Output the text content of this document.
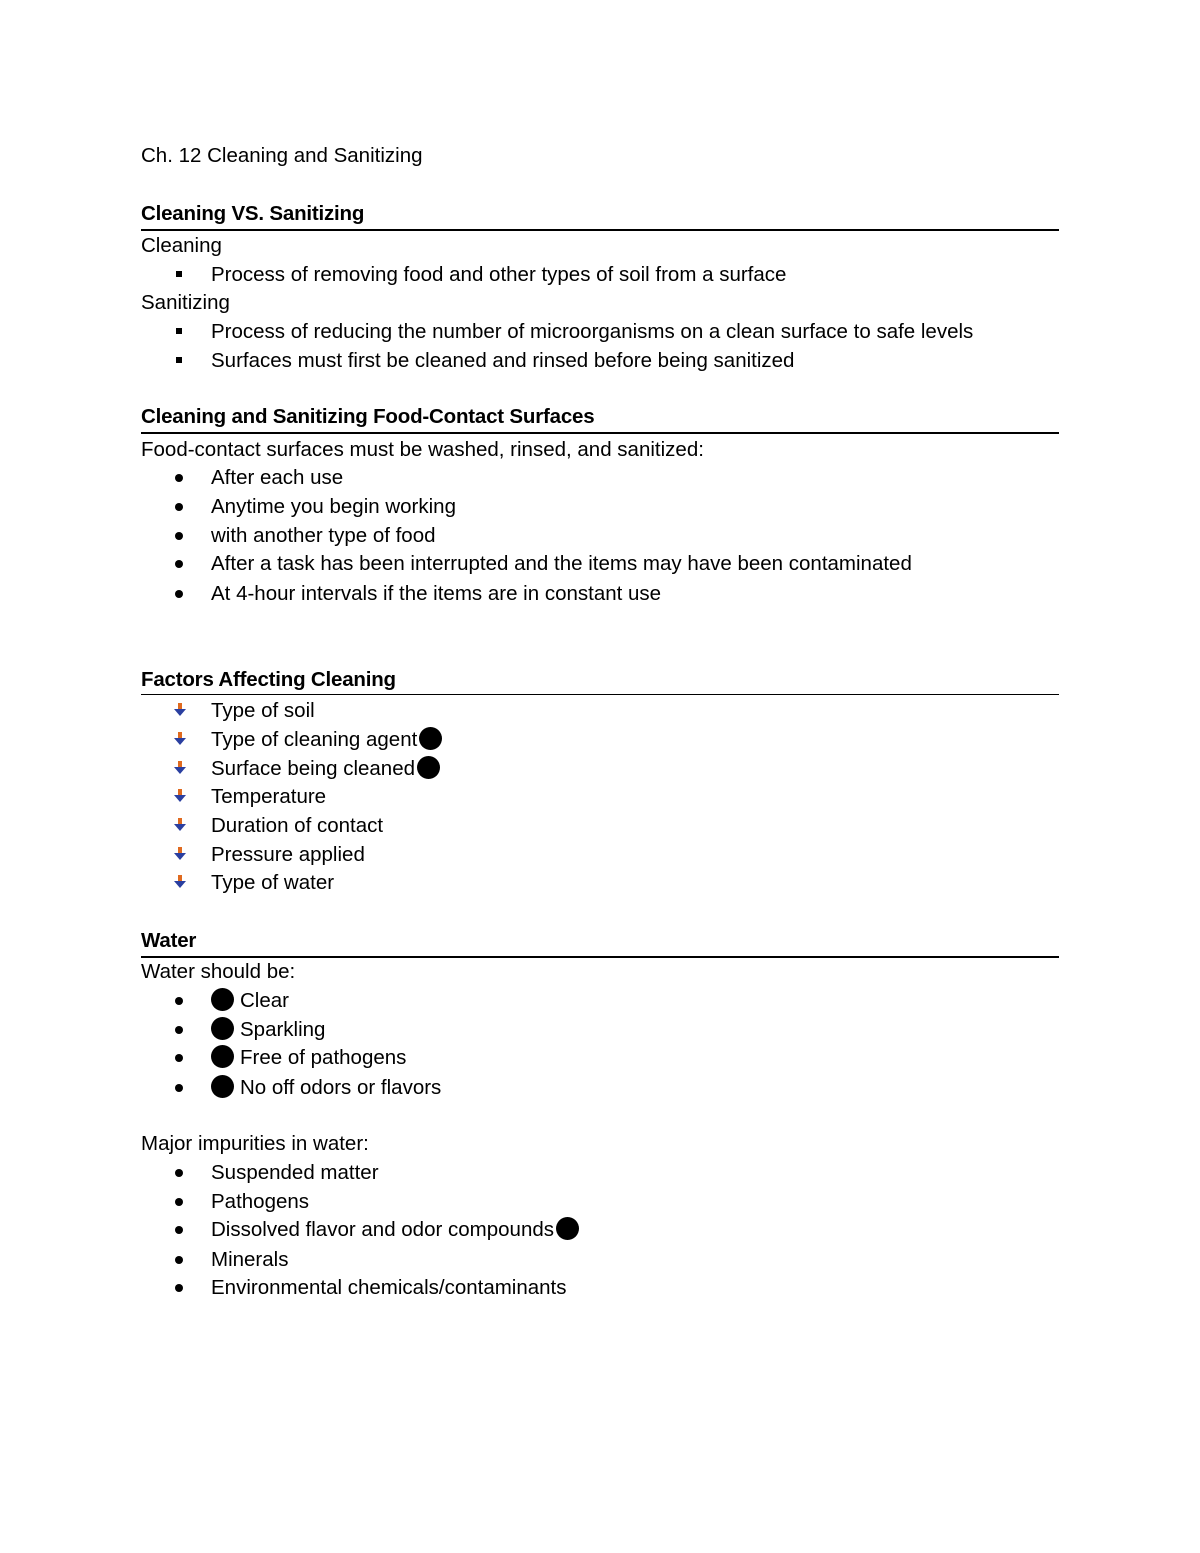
Ch. 12 Cleaning and Sanitizing
Cleaning VS. Sanitizing
Cleaning
Process of removing food and other types of soil from a surface
Sanitizing
Process of reducing the number of microorganisms on a clean surface to safe levels
Surfaces must first be cleaned and rinsed before being sanitized
Cleaning and Sanitizing Food-Contact Surfaces
Food-contact surfaces must be washed, rinsed, and sanitized:
After each use
Anytime you begin working
with another type of food
After a task has been interrupted and the items may have been contaminated
At 4-hour intervals if the items are in constant use
Factors Affecting Cleaning
Type of soil
Type of cleaning agent
Surface being cleaned
Temperature
Duration of contact
Pressure applied
Type of water
Water
Water should be:
Clear
Sparkling
Free of pathogens
No off odors or flavors
Major impurities in water:
Suspended matter
Pathogens
Dissolved flavor and odor compounds
Minerals
Environmental chemicals/contaminants
